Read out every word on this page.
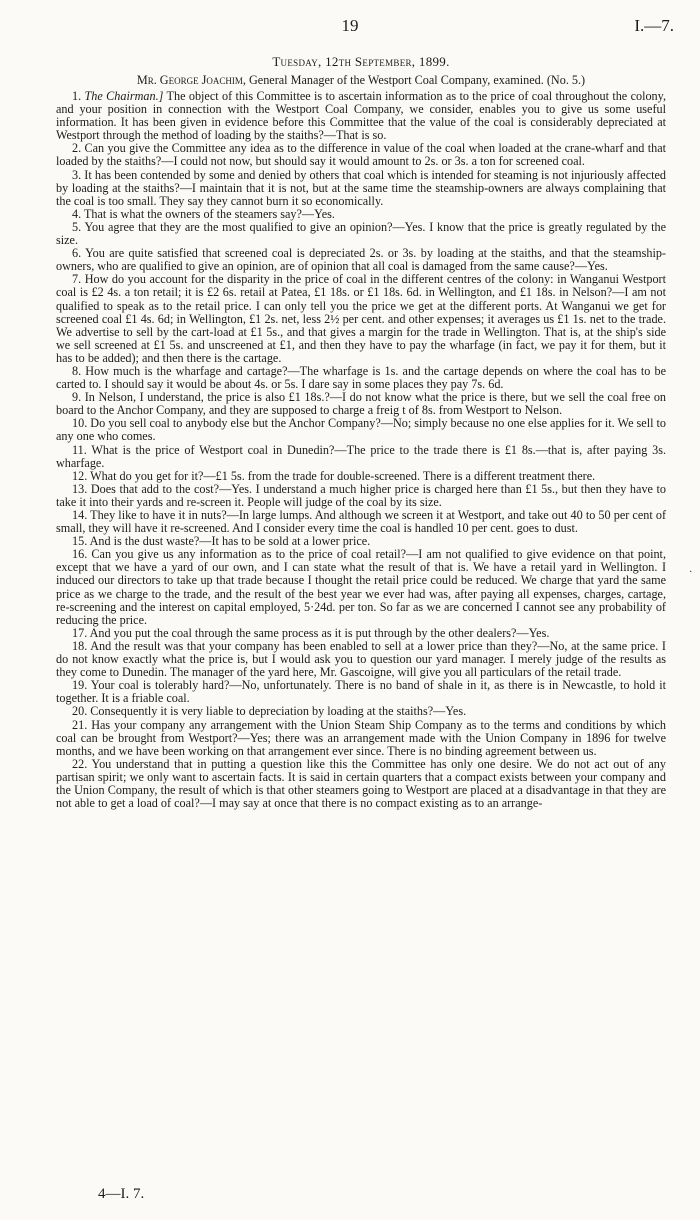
19	I.—7.
Tuesday, 12th September, 1899.
Mr. George Joachim, General Manager of the Westport Coal Company, examined. (No. 5.)

1. The Chairman.] The object of this Committee is to ascertain information as to the price of coal throughout the colony, and your position in connection with the Westport Coal Company, we consider, enables you to give us some useful information. It has been given in evidence before this Committee that the value of the coal is considerably depreciated at Westport through the method of loading by the staiths?—That is so.

2. Can you give the Committee any idea as to the difference in value of the coal when loaded at the crane-wharf and that loaded by the staiths?—I could not now, but should say it would amount to 2s. or 3s. a ton for screened coal.

3. It has been contended by some and denied by others that coal which is intended for steaming is not injuriously affected by loading at the staiths?—I maintain that it is not, but at the same time the steamship-owners are always complaining that the coal is too small. They say they cannot burn it so economically.

4. That is what the owners of the steamers say?—Yes.

5. You agree that they are the most qualified to give an opinion?—Yes. I know that the price is greatly regulated by the size.

6. You are quite satisfied that screened coal is depreciated 2s. or 3s. by loading at the staiths, and that the steamship-owners, who are qualified to give an opinion, are of opinion that all coal is damaged from the same cause?—Yes.

7. How do you account for the disparity in the price of coal in the different centres of the colony: in Wanganui Westport coal is £2 4s. a ton retail; it is £2 6s. retail at Patea, £1 18s. or £1 18s. 6d. in Wellington, and £1 18s. in Nelson?—I am not qualified to speak as to the retail price. I can only tell you the price we get at the different ports. At Wanganui we get for screened coal £1 4s. 6d; in Wellington, £1 2s. net, less 2½ per cent. and other expenses; it averages us £1 1s. net to the trade. We advertise to sell by the cart-load at £1 5s., and that gives a margin for the trade in Wellington. That is, at the ship's side we sell screened at £1 5s. and unscreened at £1, and then they have to pay the wharfage (in fact, we pay it for them, but it has to be added); and then there is the cartage.

8. How much is the wharfage and cartage?—The wharfage is 1s. and the cartage depends on where the coal has to be carted to. I should say it would be about 4s. or 5s. I dare say in some places they pay 7s. 6d.

9. In Nelson, I understand, the price is also £1 18s.?—I do not know what the price is there, but we sell the coal free on board to the Anchor Company, and they are supposed to charge a freig t of 8s. from Westport to Nelson.

10. Do you sell coal to anybody else but the Anchor Company?—No; simply because no one else applies for it. We sell to any one who comes.

11. What is the price of Westport coal in Dunedin?—The price to the trade there is £1 8s.—that is, after paying 3s. wharfage.

12. What do you get for it?—£1 5s. from the trade for double-screened. There is a different treatment there.

13. Does that add to the cost?—Yes. I understand a much higher price is charged here than £1 5s., but then they have to take it into their yards and re-screen it. People will judge of the coal by its size.

14. They like to have it in nuts?—In large lumps. And although we screen it at Westport, and take out 40 to 50 per cent of small, they will have it re-screened. And I consider every time the coal is handled 10 per cent. goes to dust.

15. And is the dust waste?—It has to be sold at a lower price.

16. Can you give us any information as to the price of coal retail?—I am not qualified to give evidence on that point, except that we have a yard of our own, and I can state what the result of that is. We have a retail yard in Wellington. I induced our directors to take up that trade because I thought the retail price could be reduced. We charge that yard the same price as we charge to the trade, and the result of the best year we ever had was, after paying all expenses, charges, cartage, re-screening and the interest on capital employed, 5·24d. per ton. So far as we are concerned I cannot see any probability of reducing the price.

17. And you put the coal through the same process as it is put through by the other dealers?—Yes.

18. And the result was that your company has been enabled to sell at a lower price than they?—No, at the same price. I do not know exactly what the price is, but I would ask you to question our yard manager. I merely judge of the results as they come to Dunedin. The manager of the yard here, Mr. Gascoigne, will give you all particulars of the retail trade.

19. Your coal is tolerably hard?—No, unfortunately. There is no band of shale in it, as there is in Newcastle, to hold it together. It is a friable coal.

20. Consequently it is very liable to depreciation by loading at the staiths?—Yes.

21. Has your company any arrangement with the Union Steam Ship Company as to the terms and conditions by which coal can be brought from Westport?—Yes; there was an arrangement made with the Union Company in 1896 for twelve months, and we have been working on that arrangement ever since. There is no binding agreement between us.

22. You understand that in putting a question like this the Committee has only one desire. We do not act out of any partisan spirit; we only want to ascertain facts. It is said in certain quarters that a compact exists between your company and the Union Company, the result of which is that other steamers going to Westport are placed at a disadvantage in that they are not able to get a load of coal?—I may say at once that there is no compact existing as to an arrange-

.
4—I. 7.
